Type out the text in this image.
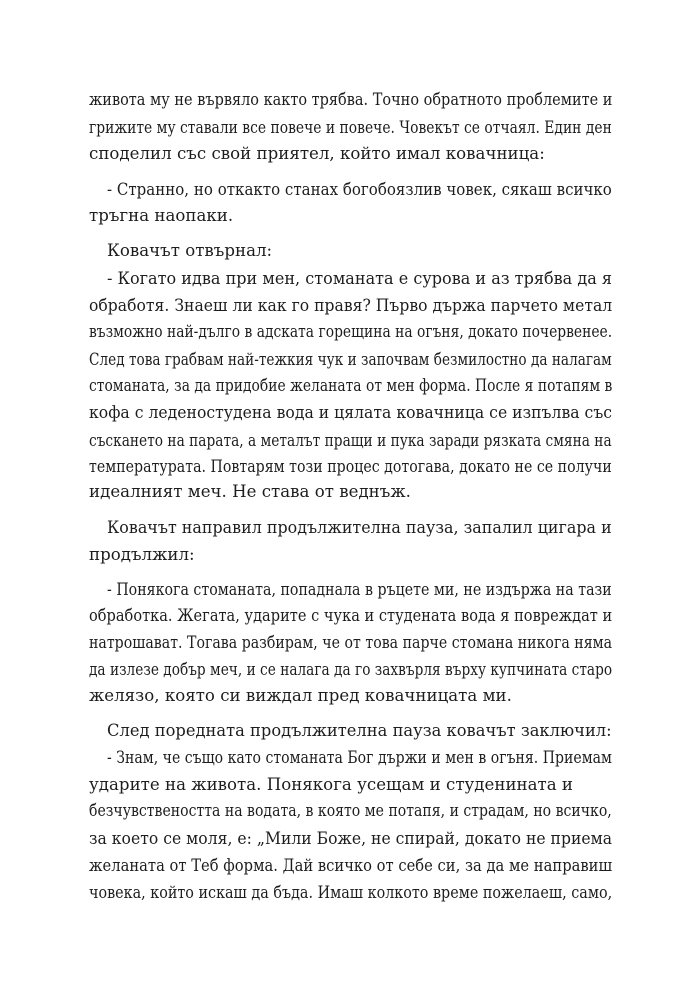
живота му не вървяло както трябва. Точно обратното проблемите и

грижите му ставали все повече и повече. Човекът се отчаял. Един ден

споделил със свой приятел, който имал ковачница:

- Странно, но откакто станах богобоязлив човек, сякаш всичко

тръгна наопаки.

Ковачът отвърнал:

- Когато идва при мен, стоманата е сурова и аз трябва да я

обработя. Знаеш ли как го правя? Първо държа парчето метал

възможно най-дълго в адската горещина на огъня, докато почервенее.

След това грабвам най-тежкия чук и започвам безмилостно да налагам

стоманата, за да придобие желаната от мен форма. После я потапям в

кофа с леденостудена вода и цялата ковачница се изпълва със

съскането на парата, а металът пращи и пука заради рязката смяна на

температурата. Повтарям този процес дотогава, докато не се получи

идеалният меч. Не става от веднъж.

Ковачът направил продължителна пауза, запалил цигара и

продължил:

- Понякога стоманата, попаднала в ръцете ми, не издържа на тази

обработка. Жегата, ударите с чука и студената вода я повреждат и

натрошават. Тогава разбирам, че от това парче стомана никога няма

да излезе добър меч, и се налага да го захвърля върху купчината старо

желязо, която си виждал пред ковачницата ми.

След поредната продължителна пауза ковачът заключил:

- Знам, че също като стоманата Бог държи и мен в огъня. Приемам

ударите на живота. Понякога усещам и студенината и

безчувствеността на водата, в която ме потапя, и страдам, но всичко,

за което се моля, е: „Мили Боже, не спирай, докато не приема

желаната от Теб форма. Дай всичко от себе си, за да ме направиш

човека, който искаш да бъда. Имаш колкото време пожелаеш, само,
